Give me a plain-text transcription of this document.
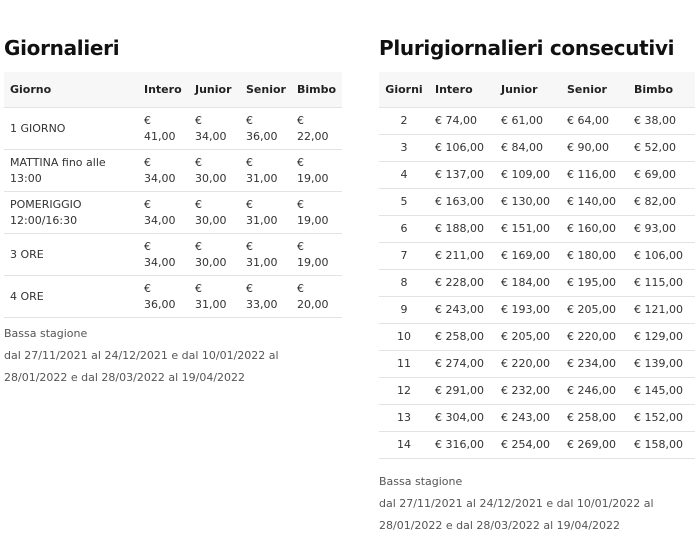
Giornalieri
Giorno	Intero	Junior	Senior	Bimbo
1 GIORNO	€ 41,00	€ 34,00	€ 36,00	€ 22,00
MATTINA fino alle 13:00	€ 34,00	€ 30,00	€ 31,00	€ 19,00
POMERIGGIO 12:00/16:30	€ 34,00	€ 30,00	€ 31,00	€ 19,00
3 ORE	€ 34,00	€ 30,00	€ 31,00	€ 19,00
4 ORE	€ 36,00	€ 31,00	€ 33,00	€ 20,00

Bassa stagione

dal 27/11/2021 al 24/12/2021 e dal 10/01/2022 al 28/01/2022 e dal 28/03/2022 al 19/04/2022

Plurigiornalieri consecutivi
Giorni	Intero	Junior	Senior	Bimbo
2	€ 74,00	€ 61,00	€ 64,00	€ 38,00
3	€ 106,00	€ 84,00	€ 90,00	€ 52,00
4	€ 137,00	€ 109,00	€ 116,00	€ 69,00
5	€ 163,00	€ 130,00	€ 140,00	€ 82,00
6	€ 188,00	€ 151,00	€ 160,00	€ 93,00
7	€ 211,00	€ 169,00	€ 180,00	€ 106,00
8	€ 228,00	€ 184,00	€ 195,00	€ 115,00
9	€ 243,00	€ 193,00	€ 205,00	€ 121,00
10	€ 258,00	€ 205,00	€ 220,00	€ 129,00
11	€ 274,00	€ 220,00	€ 234,00	€ 139,00
12	€ 291,00	€ 232,00	€ 246,00	€ 145,00
13	€ 304,00	€ 243,00	€ 258,00	€ 152,00
14	€ 316,00	€ 254,00	€ 269,00	€ 158,00

Bassa stagione

dal 27/11/2021 al 24/12/2021 e dal 10/01/2022 al 28/01/2022 e dal 28/03/2022 al 19/04/2022
